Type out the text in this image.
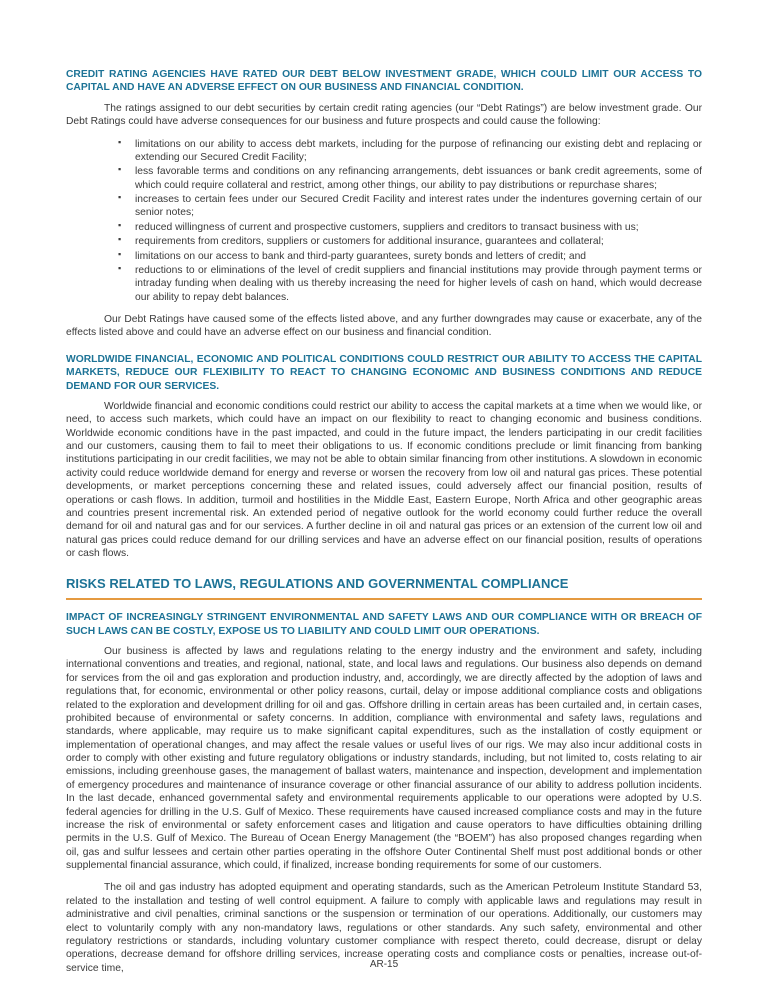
CREDIT RATING AGENCIES HAVE RATED OUR DEBT BELOW INVESTMENT GRADE, WHICH COULD LIMIT OUR ACCESS TO CAPITAL AND HAVE AN ADVERSE EFFECT ON OUR BUSINESS AND FINANCIAL CONDITION.

The ratings assigned to our debt securities by certain credit rating agencies (our “Debt Ratings”) are below investment grade. Our Debt Ratings could have adverse consequences for our business and future prospects and could cause the following:

▪ limitations on our ability to access debt markets, including for the purpose of refinancing our existing debt and replacing or extending our Secured Credit Facility;
▪ less favorable terms and conditions on any refinancing arrangements, debt issuances or bank credit agreements, some of which could require collateral and restrict, among other things, our ability to pay distributions or repurchase shares;
▪ increases to certain fees under our Secured Credit Facility and interest rates under the indentures governing certain of our senior notes;
▪ reduced willingness of current and prospective customers, suppliers and creditors to transact business with us;
▪ requirements from creditors, suppliers or customers for additional insurance, guarantees and collateral;
▪ limitations on our access to bank and third-party guarantees, surety bonds and letters of credit; and
▪ reductions to or eliminations of the level of credit suppliers and financial institutions may provide through payment terms or intraday funding when dealing with us thereby increasing the need for higher levels of cash on hand, which would decrease our ability to repay debt balances.

Our Debt Ratings have caused some of the effects listed above, and any further downgrades may cause or exacerbate, any of the effects listed above and could have an adverse effect on our business and financial condition.

WORLDWIDE FINANCIAL, ECONOMIC AND POLITICAL CONDITIONS COULD RESTRICT OUR ABILITY TO ACCESS THE CAPITAL MARKETS, REDUCE OUR FLEXIBILITY TO REACT TO CHANGING ECONOMIC AND BUSINESS CONDITIONS AND REDUCE DEMAND FOR OUR SERVICES.

Worldwide financial and economic conditions could restrict our ability to access the capital markets at a time when we would like, or need, to access such markets, which could have an impact on our flexibility to react to changing economic and business conditions. Worldwide economic conditions have in the past impacted, and could in the future impact, the lenders participating in our credit facilities and our customers, causing them to fail to meet their obligations to us. If economic conditions preclude or limit financing from banking institutions participating in our credit facilities, we may not be able to obtain similar financing from other institutions. A slowdown in economic activity could reduce worldwide demand for energy and reverse or worsen the recovery from low oil and natural gas prices. These potential developments, or market perceptions concerning these and related issues, could adversely affect our financial position, results of operations or cash flows. In addition, turmoil and hostilities in the Middle East, Eastern Europe, North Africa and other geographic areas and countries present incremental risk. An extended period of negative outlook for the world economy could further reduce the overall demand for oil and natural gas and for our services. A further decline in oil and natural gas prices or an extension of the current low oil and natural gas prices could reduce demand for our drilling services and have an adverse effect on our financial position, results of operations or cash flows.

RISKS RELATED TO LAWS, REGULATIONS AND GOVERNMENTAL COMPLIANCE
IMPACT OF INCREASINGLY STRINGENT ENVIRONMENTAL AND SAFETY LAWS AND OUR COMPLIANCE WITH OR BREACH OF SUCH LAWS CAN BE COSTLY, EXPOSE US TO LIABILITY AND COULD LIMIT OUR OPERATIONS.

Our business is affected by laws and regulations relating to the energy industry and the environment and safety, including international conventions and treaties, and regional, national, state, and local laws and regulations. Our business also depends on demand for services from the oil and gas exploration and production industry, and, accordingly, we are directly affected by the adoption of laws and regulations that, for economic, environmental or other policy reasons, curtail, delay or impose additional compliance costs and obligations related to the exploration and development drilling for oil and gas. Offshore drilling in certain areas has been curtailed and, in certain cases, prohibited because of environmental or safety concerns. In addition, compliance with environmental and safety laws, regulations and standards, where applicable, may require us to make significant capital expenditures, such as the installation of costly equipment or implementation of operational changes, and may affect the resale values or useful lives of our rigs. We may also incur additional costs in order to comply with other existing and future regulatory obligations or industry standards, including, but not limited to, costs relating to air emissions, including greenhouse gases, the management of ballast waters, maintenance and inspection, development and implementation of emergency procedures and maintenance of insurance coverage or other financial assurance of our ability to address pollution incidents. In the last decade, enhanced governmental safety and environmental requirements applicable to our operations were adopted by U.S. federal agencies for drilling in the U.S. Gulf of Mexico. These requirements have caused increased compliance costs and may in the future increase the risk of environmental or safety enforcement cases and litigation and cause operators to have difficulties obtaining drilling permits in the U.S. Gulf of Mexico. The Bureau of Ocean Energy Management (the “BOEM”) has also proposed changes regarding when oil, gas and sulfur lessees and certain other parties operating in the offshore Outer Continental Shelf must post additional bonds or other supplemental financial assurance, which could, if finalized, increase bonding requirements for some of our customers.

The oil and gas industry has adopted equipment and operating standards, such as the American Petroleum Institute Standard 53, related to the installation and testing of well control equipment. A failure to comply with applicable laws and regulations may result in administrative and civil penalties, criminal sanctions or the suspension or termination of our operations. Additionally, our customers may elect to voluntarily comply with any non-mandatory laws, regulations or other standards. Any such safety, environmental and other regulatory restrictions or standards, including voluntary customer compliance with respect thereto, could decrease, disrupt or delay operations, decrease demand for offshore drilling services, increase operating costs and compliance costs or penalties, increase out-of-service time,	AR-15
